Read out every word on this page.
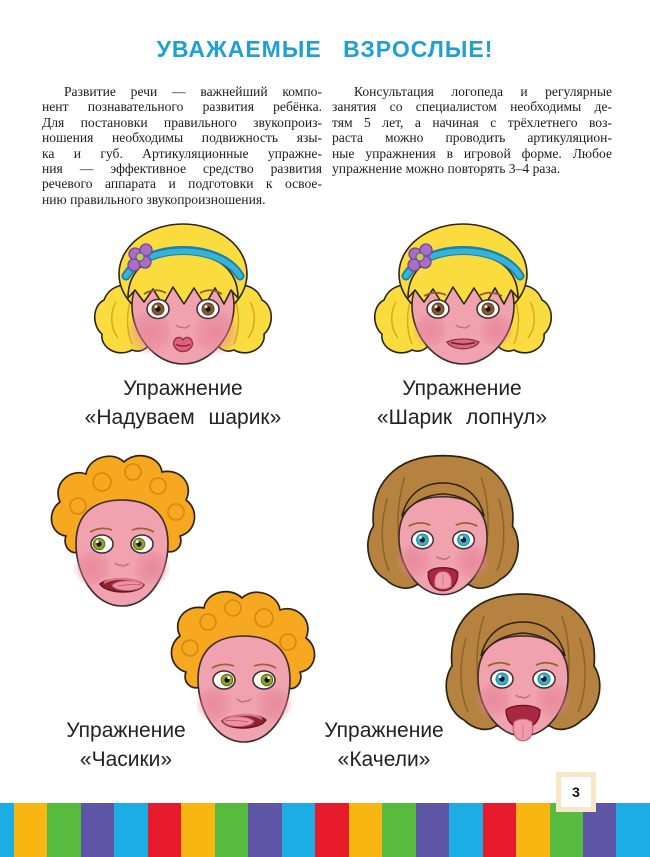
УВАЖАЕМЫЕ ВЗРОСЛЫЕ!
Развитие речи — важнейший компо-
нент познавательного развития ребёнка.
Для постановки правильного звукопроиз-
ношения необходимы подвижность язы-
ка и губ. Артикуляционные упражне-
ния — эффективное средство развития
речевого аппарата и подготовки к освое-
нию правильного звукопроизношения.
Консультация логопеда и регулярные
занятия со специалистом необходимы де-
тям 5 лет, а начиная с трёхлетнего воз-
раста можно проводить артикуляцион-
ные упражнения в игровой форме. Любое
упражнение можно повторять 3–4 раза.
Упражнение
«Надуваем шарик»
Упражнение
«Шарик лопнул»
Упражнение
«Часики»
Упражнение
«Качели»
3
